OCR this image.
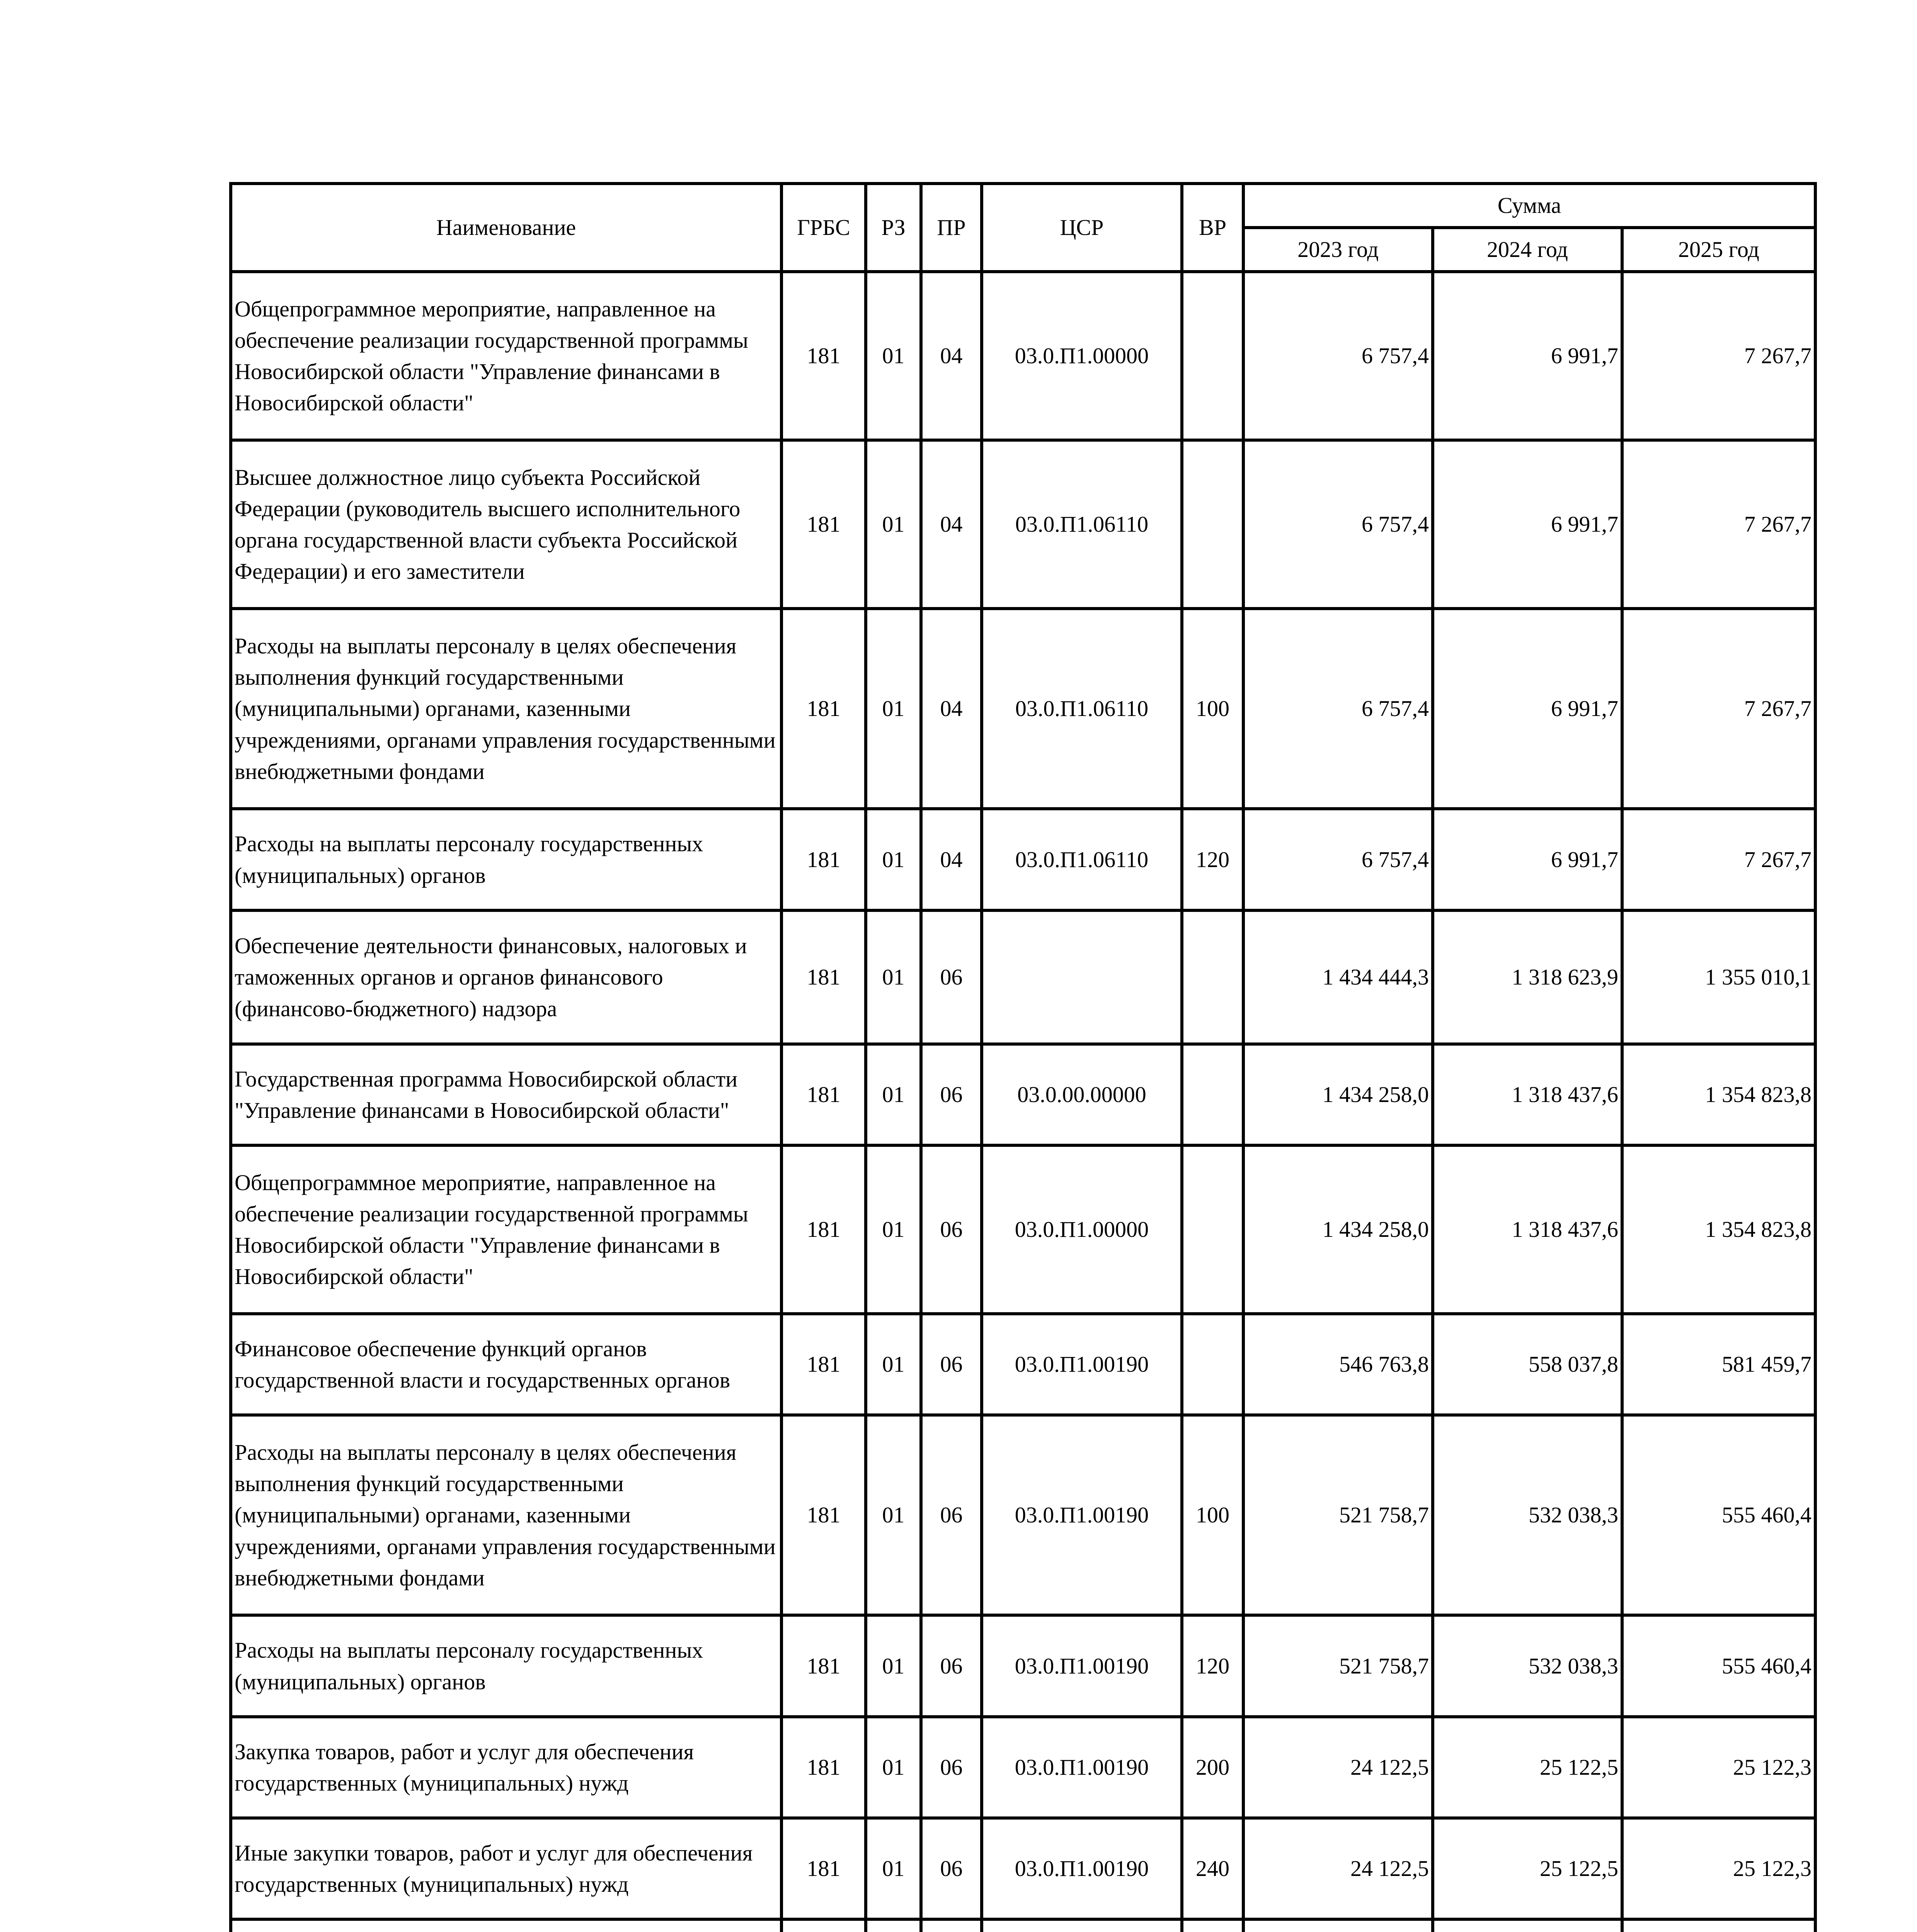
Наименование	ГРБС	РЗ	ПР	ЦСР	ВР	Сумма		
						2023 год	2024 год	2025 год
Общепрограммное мероприятие, направленное на обеспечение реализации государственной программы Новосибирской области "Управление финансами в Новосибирской области"	181	01	04	03.0.П1.00000		6 757,4	6 991,7	7 267,7
Высшее должностное лицо субъекта Российской Федерации (руководитель высшего исполнительного органа государственной власти субъекта Российской Федерации) и его заместители	181	01	04	03.0.П1.06110		6 757,4	6 991,7	7 267,7
Расходы на выплаты персоналу в целях обеспечения выполнения функций государственными (муниципальными) органами, казенными учреждениями, органами управления государственными внебюджетными фондами	181	01	04	03.0.П1.06110	100	6 757,4	6 991,7	7 267,7
Расходы на выплаты персоналу государственных (муниципальных) органов	181	01	04	03.0.П1.06110	120	6 757,4	6 991,7	7 267,7
Обеспечение деятельности финансовых, налоговых и таможенных органов и органов финансового (финансово-бюджетного) надзора	181	01	06			1 434 444,3	1 318 623,9	1 355 010,1
Государственная программа Новосибирской области "Управление финансами в Новосибирской области"	181	01	06	03.0.00.00000		1 434 258,0	1 318 437,6	1 354 823,8
Общепрограммное мероприятие, направленное на обеспечение реализации государственной программы Новосибирской области "Управление финансами в Новосибирской области"	181	01	06	03.0.П1.00000		1 434 258,0	1 318 437,6	1 354 823,8
Финансовое обеспечение функций органов государственной власти и государственных органов	181	01	06	03.0.П1.00190		546 763,8	558 037,8	581 459,7
Расходы на выплаты персоналу в целях обеспечения выполнения функций государственными (муниципальными) органами, казенными учреждениями, органами управления государственными внебюджетными фондами	181	01	06	03.0.П1.00190	100	521 758,7	532 038,3	555 460,4
Расходы на выплаты персоналу государственных (муниципальных) органов	181	01	06	03.0.П1.00190	120	521 758,7	532 038,3	555 460,4
Закупка товаров, работ и услуг для обеспечения государственных (муниципальных) нужд	181	01	06	03.0.П1.00190	200	24 122,5	25 122,5	25 122,3
Иные закупки товаров, работ и услуг для обеспечения государственных (муниципальных) нужд	181	01	06	03.0.П1.00190	240	24 122,5	25 122,5	25 122,3
